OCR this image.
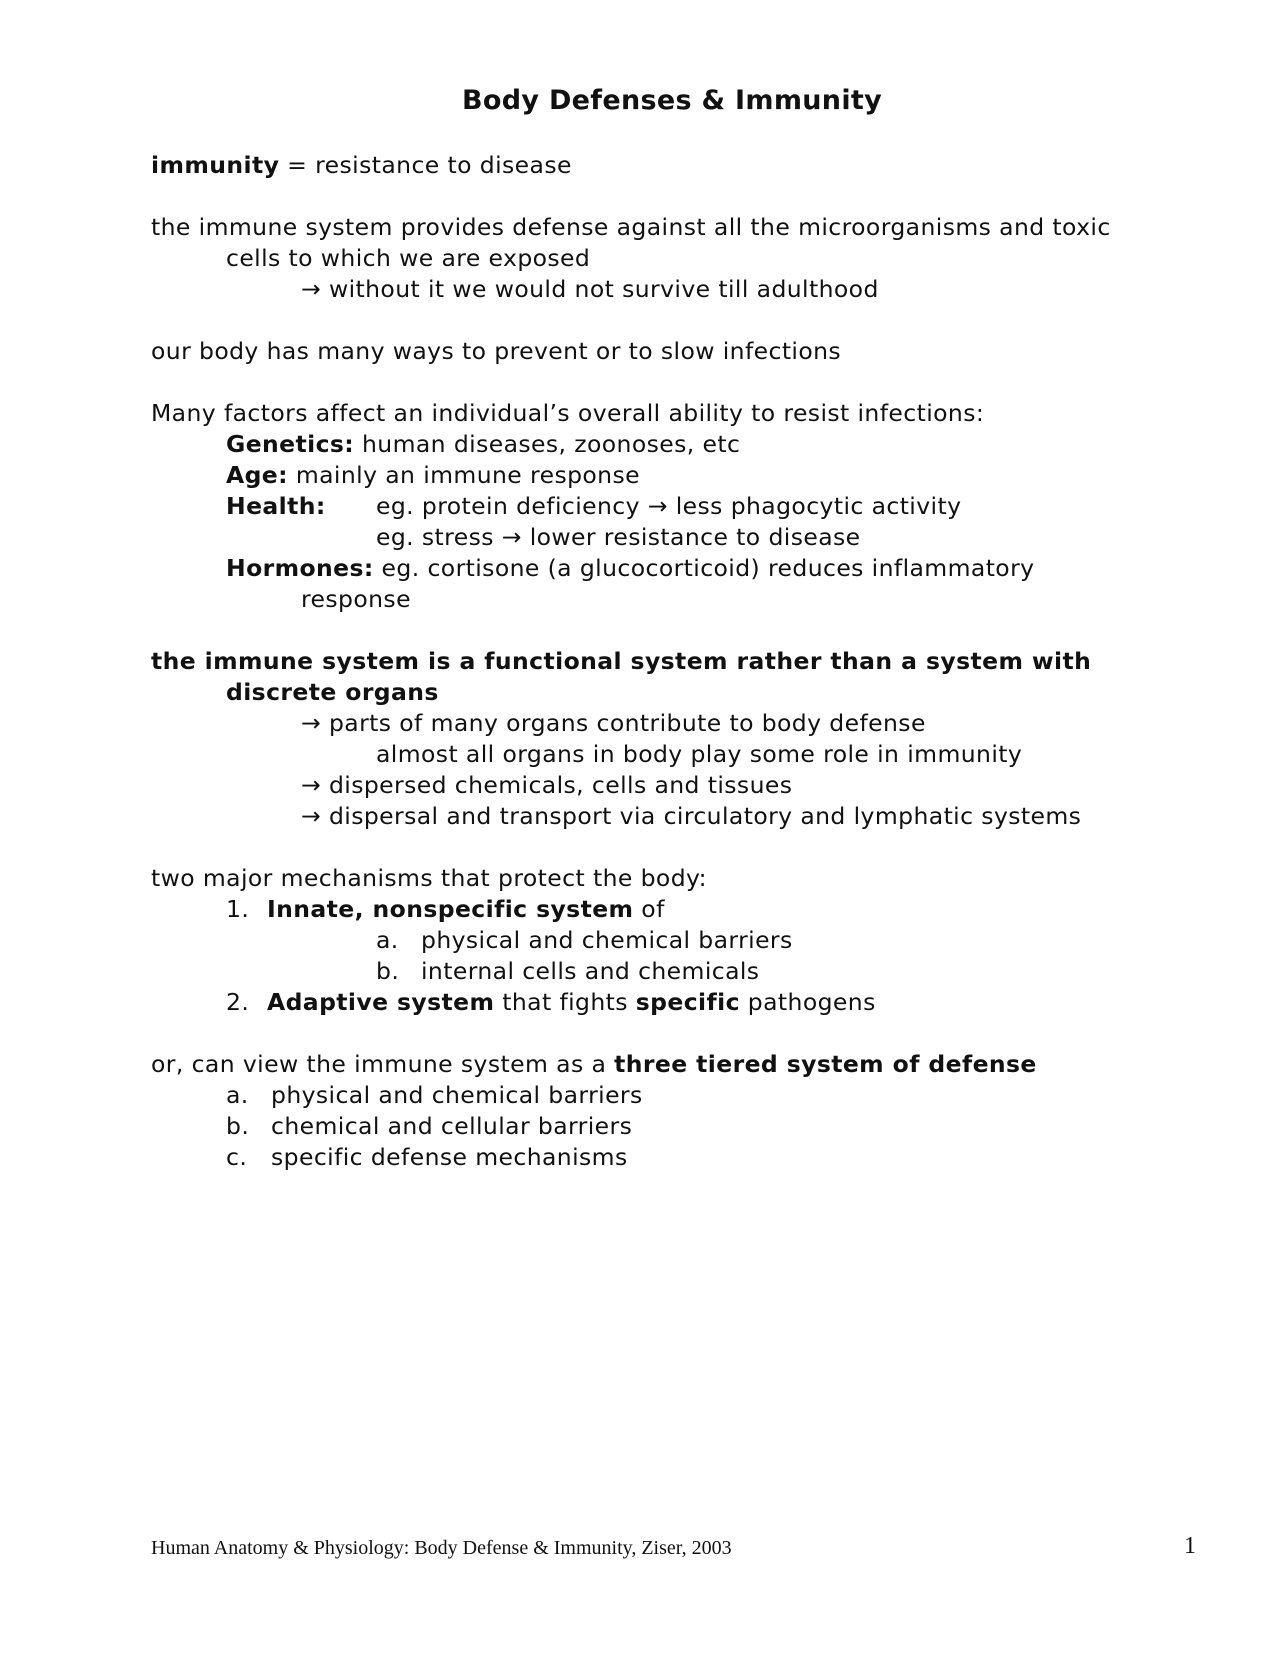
Body Defenses & Immunity
immunity = resistance to disease
the immune system provides defense against all the microorganisms and toxic
cells to which we are exposed
→ without it we would not survive till adulthood
our body has many ways to prevent or to slow infections
Many factors affect an individual’s overall ability to resist infections:
Genetics: human diseases, zoonoses, etc
Age: mainly an immune response
Health: eg. protein deficiency → less phagocytic activity
eg. stress → lower resistance to disease
Hormones: eg. cortisone (a glucocorticoid) reduces inflammatory
response
the immune system is a functional system rather than a system with
discrete organs
→ parts of many organs contribute to body defense
almost all organs in body play some role in immunity
→ dispersed chemicals, cells and tissues
→ dispersal and transport via circulatory and lymphatic systems
two major mechanisms that protect the body:
1. Innate, nonspecific system of
a. physical and chemical barriers
b. internal cells and chemicals
2. Adaptive system that fights specific pathogens
or, can view the immune system as a three tiered system of defense
a. physical and chemical barriers
b. chemical and cellular barriers
c. specific defense mechanisms
Human Anatomy & Physiology: Body Defense & Immunity, Ziser, 2003	1
